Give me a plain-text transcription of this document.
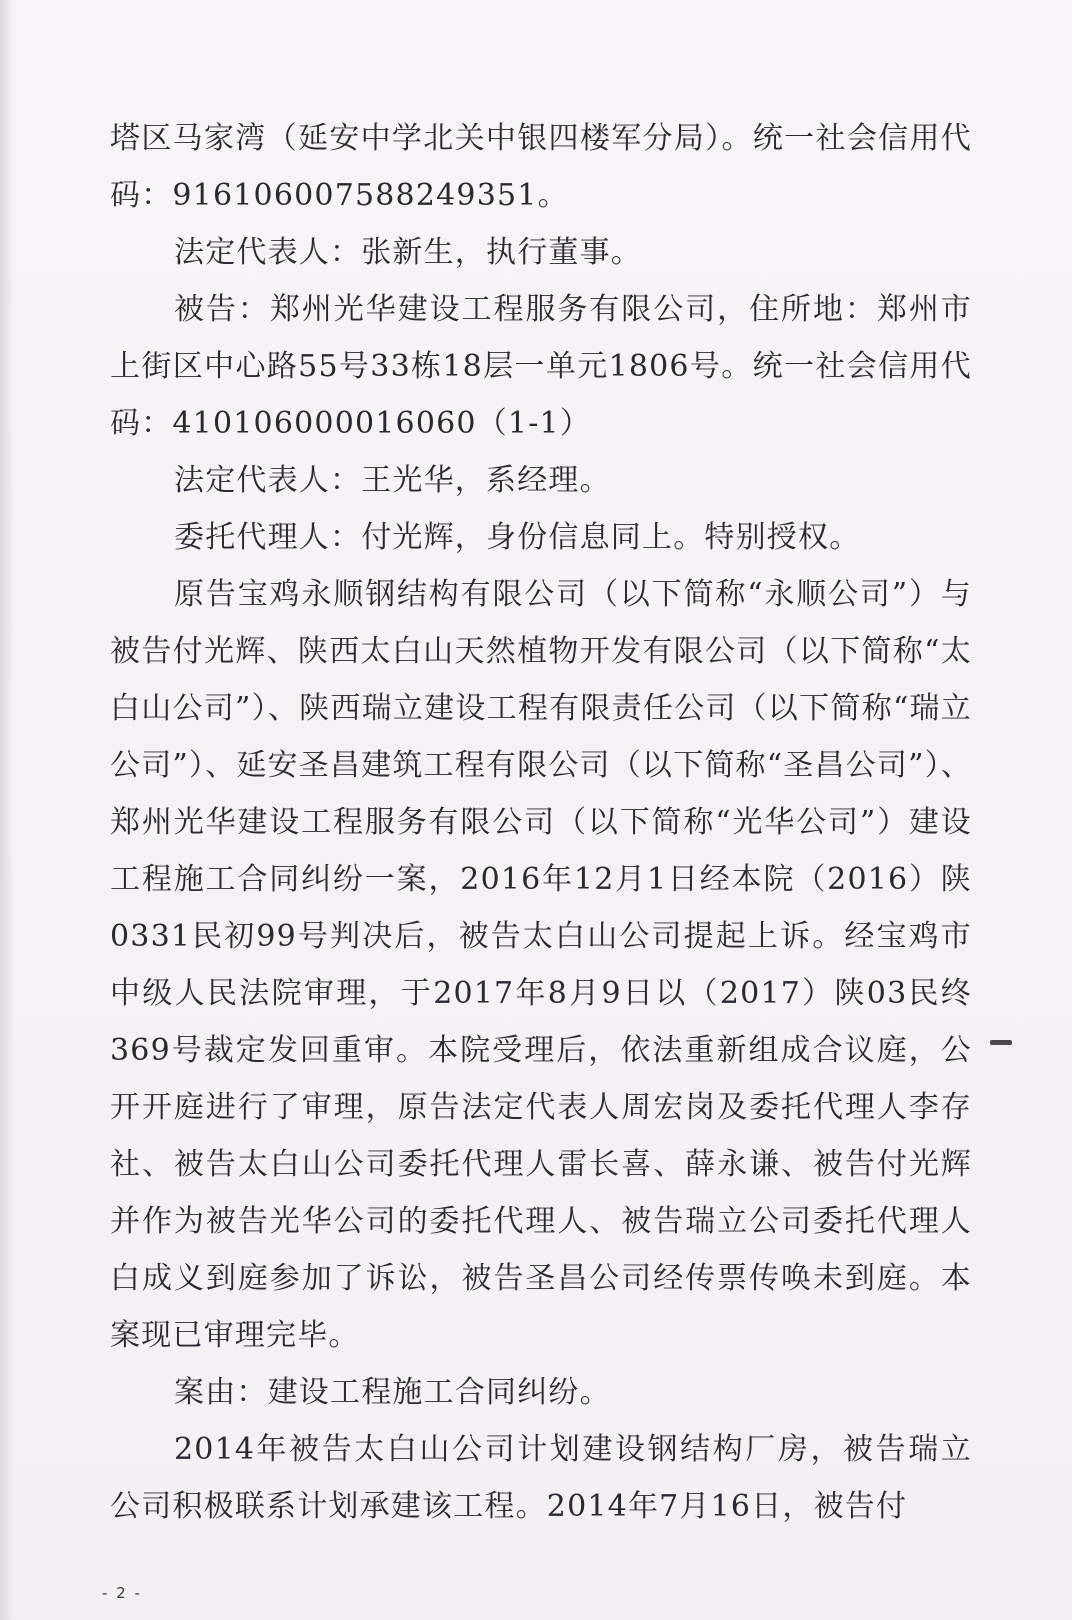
塔区马家湾（延安中学北关中银四楼军分局）。统一社会信用代码：916106007588249351。

法定代表人：张新生，执行董事。

被告：郑州光华建设工程服务有限公司，住所地：郑州市上街区中心路55号33栋18层一单元1806号。统一社会信用代码：410106000016060（1-1）

法定代表人：王光华，系经理。

委托代理人：付光辉，身份信息同上。特别授权。

原告宝鸡永顺钢结构有限公司（以下简称“永顺公司”）与被告付光辉、陕西太白山天然植物开发有限公司（以下简称“太白山公司”）、陕西瑞立建设工程有限责任公司（以下简称“瑞立公司”）、延安圣昌建筑工程有限公司（以下简称“圣昌公司”）、郑州光华建设工程服务有限公司（以下简称“光华公司”）建设工程施工合同纠纷一案，2016年12月1日经本院（2016）陕0331民初99号判决后，被告太白山公司提起上诉。经宝鸡市中级人民法院审理，于2017年8月9日以（2017）陕03民终369号裁定发回重审。本院受理后，依法重新组成合议庭，公开开庭进行了审理，原告法定代表人周宏岗及委托代理人李存社、被告太白山公司委托代理人雷长喜、薛永谦、被告付光辉并作为被告光华公司的委托代理人、被告瑞立公司委托代理人白成义到庭参加了诉讼，被告圣昌公司经传票传唤未到庭。本案现已审理完毕。

案由：建设工程施工合同纠纷。

2014年被告太白山公司计划建设钢结构厂房，被告瑞立公司积极联系计划承建该工程。2014年7月16日，被告付

- 2 -
